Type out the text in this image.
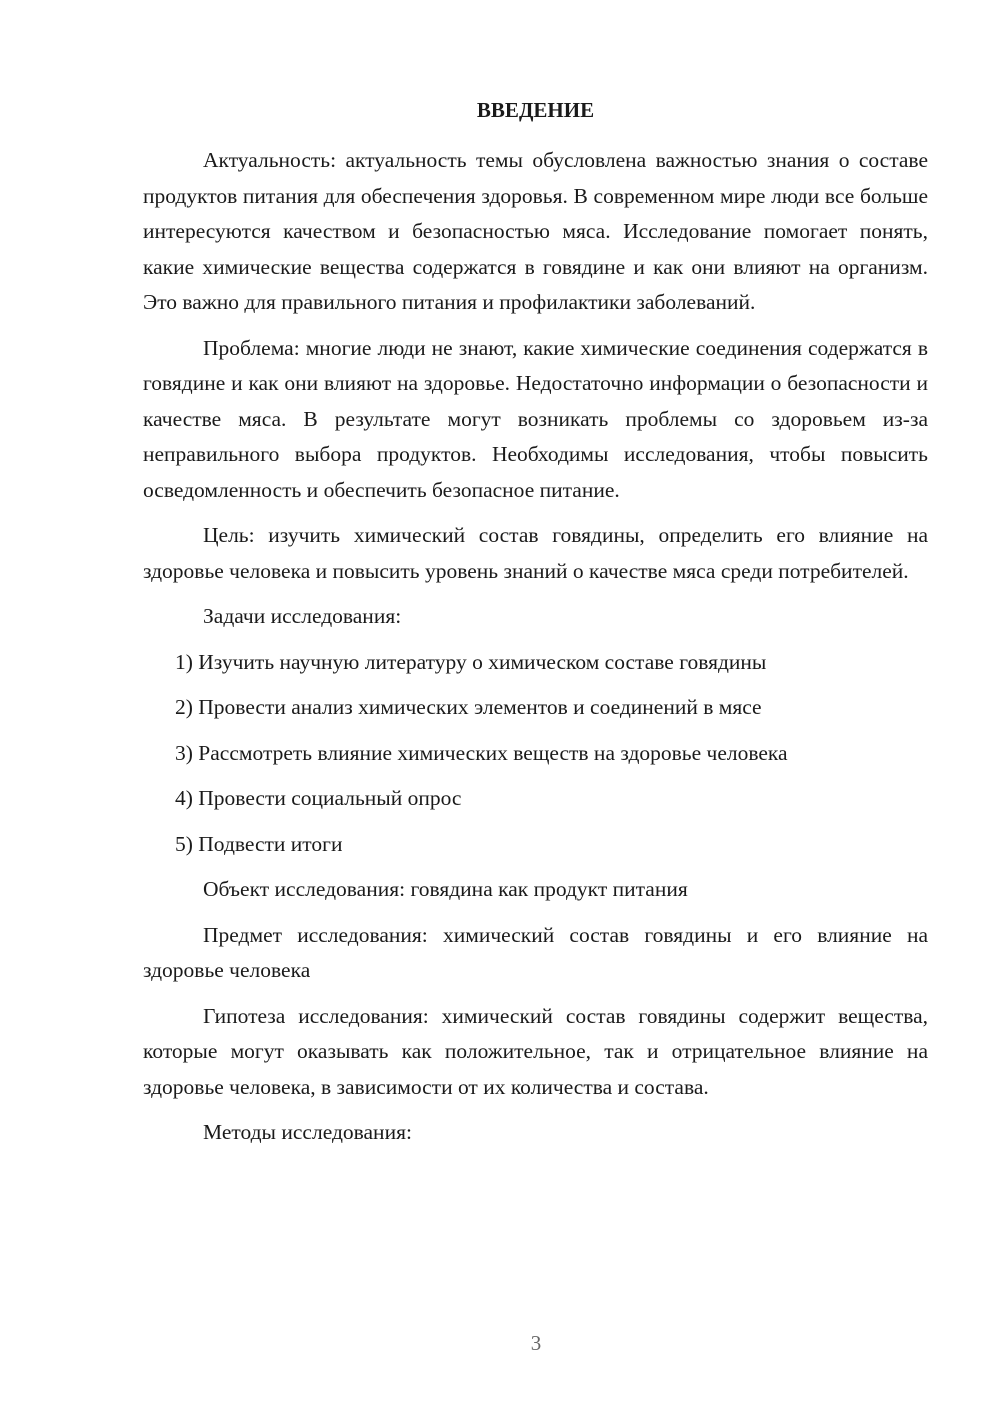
ВВЕДЕНИЕ

Актуальность: актуальность темы обусловлена важностью знания о составе продуктов питания для обеспечения здоровья. В современном мире люди все больше интересуются качеством и безопасностью мяса. Исследование помогает понять, какие химические вещества содержатся в говядине и как они влияют на организм. Это важно для правильного питания и профилактики заболеваний.

Проблема: многие люди не знают, какие химические соединения содержатся в говядине и как они влияют на здоровье. Недостаточно информации о безопасности и качестве мяса. В результате могут возникать проблемы со здоровьем из-за неправильного выбора продуктов. Необходимы исследования, чтобы повысить осведомленность и обеспечить безопасное питание.

Цель: изучить химический состав говядины, определить его влияние на здоровье человека и повысить уровень знаний о качестве мяса среди потребителей.

Задачи исследования:

1) Изучить научную литературу о химическом составе говядины
2) Провести анализ химических элементов и соединений в мясе
3) Рассмотреть влияние химических веществ на здоровье человека
4) Провести социальный опрос
5) Подвести итоги

Объект исследования: говядина как продукт питания

Предмет исследования: химический состав говядины и его влияние на здоровье человека

Гипотеза исследования: химический состав говядины содержит вещества, которые могут оказывать как положительное, так и отрицательное влияние на здоровье человека, в зависимости от их количества и состава.

Методы исследования:

3
